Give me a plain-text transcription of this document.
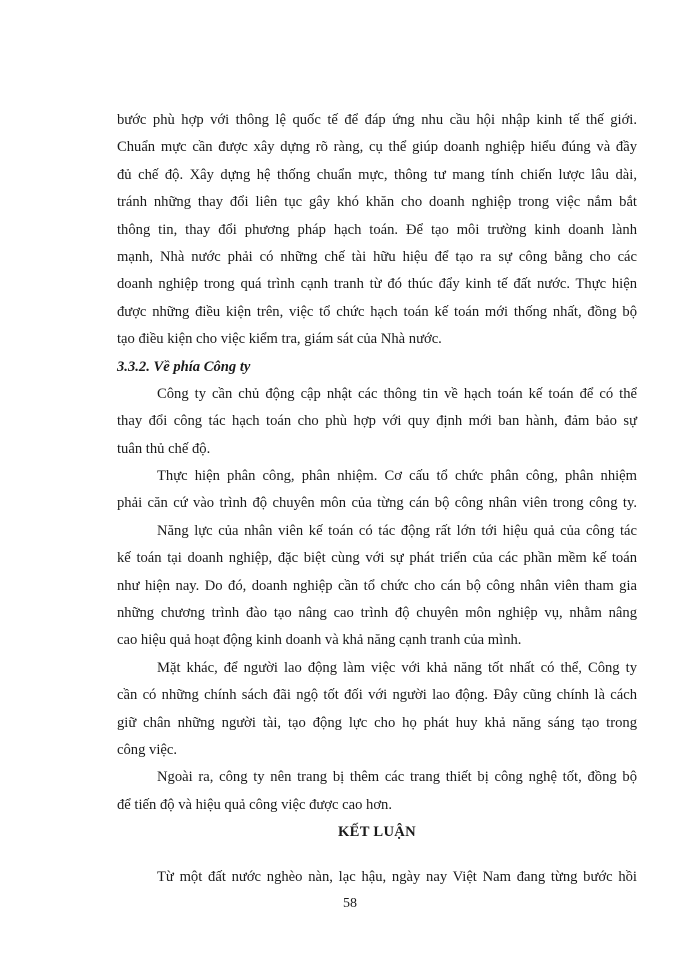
bước phù hợp với thông lệ quốc tế để đáp ứng nhu cầu hội nhập kinh tế thế giới.

Chuẩn mực cần được xây dựng rõ ràng, cụ thể giúp doanh nghiệp hiểu đúng và đầy

đủ chế độ. Xây dựng hệ thống chuẩn mực, thông tư mang tính chiến lược lâu dài,

tránh những thay đổi liên tục gây khó khăn cho doanh nghiệp trong việc nắm bắt

thông tin, thay đổi phương pháp hạch toán. Để tạo môi trường kinh doanh lành

mạnh, Nhà nước phải có những chế tài hữu hiệu để tạo ra sự công bằng cho các

doanh nghiệp trong quá trình cạnh tranh từ đó thúc đẩy kinh tế đất nước. Thực hiện

được những điều kiện trên, việc tổ chức hạch toán kế toán mới thống nhất, đồng bộ

tạo điều kiện cho việc kiểm tra, giám sát của Nhà nước.

3.3.2. Về phía Công ty

Công ty cần chủ động cập nhật các thông tin về hạch toán kế toán để có thể

thay đổi công tác hạch toán cho phù hợp với quy định mới ban hành, đảm bảo sự

tuân thủ chế độ.

Thực hiện phân công, phân nhiệm. Cơ cấu tổ chức phân công, phân nhiệm

phải căn cứ vào trình độ chuyên môn của từng cán bộ công nhân viên trong công ty.

Năng lực của nhân viên kế toán có tác động rất lớn tới hiệu quả của công tác

kế toán tại doanh nghiệp, đặc biệt cùng với sự phát triển của các phần mềm kế toán

như hiện nay. Do đó, doanh nghiệp cần tổ chức cho cán bộ công nhân viên tham gia

những chương trình đào tạo nâng cao trình độ chuyên môn nghiệp vụ, nhằm nâng

cao hiệu quả hoạt động kinh doanh và khả năng cạnh tranh của mình.

Mặt khác, để người lao động làm việc với khả năng tốt nhất có thể, Công ty

cần có những chính sách đãi ngộ tốt đối với người lao động. Đây cũng chính là cách

giữ chân những người tài, tạo động lực cho họ phát huy khả năng sáng tạo trong

công việc.

Ngoài ra, công ty nên trang bị thêm các trang thiết bị công nghệ tốt, đồng bộ

để tiến độ và hiệu quả công việc được cao hơn.

KẾT LUẬN

Từ một đất nước nghèo nàn, lạc hậu, ngày nay Việt Nam đang từng bước hồi

58
